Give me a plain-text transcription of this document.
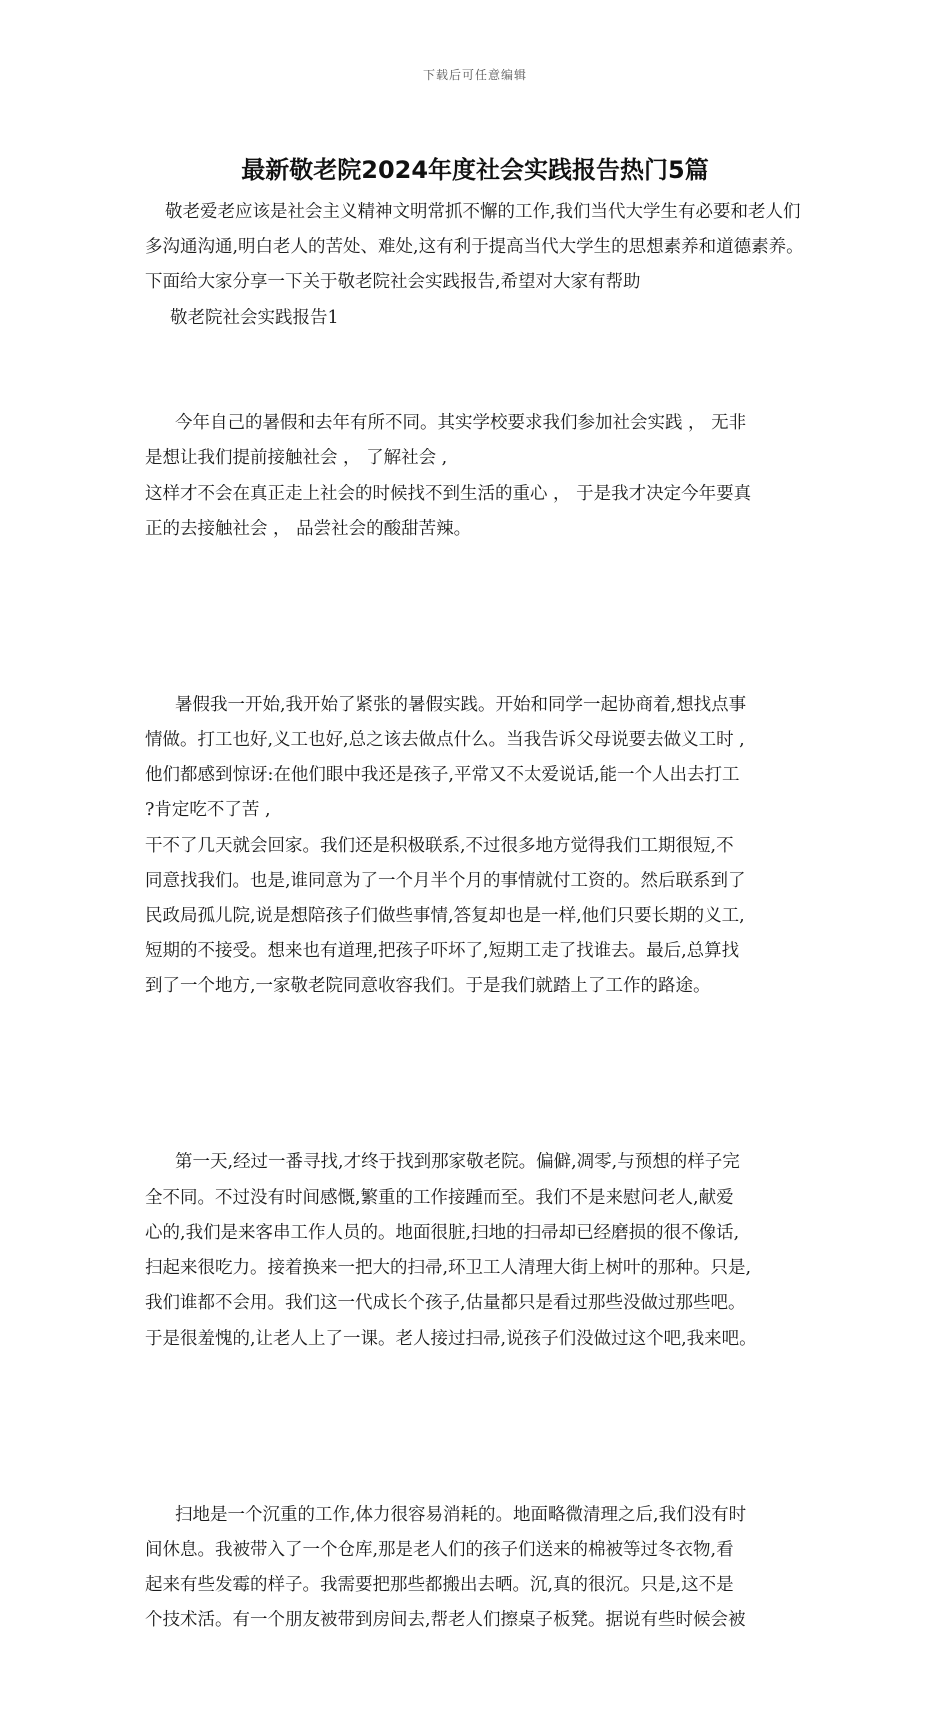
下载后可任意编辑
最新敬老院2024年度社会实践报告热门5篇

敬老爱老应该是社会主义精神文明常抓不懈的工作,我们当代大学生有必要和老人们多沟通沟通,明白老人的苦处、难处,这有利于提高当代大学生的思想素养和道德素养。下面给大家分享一下关于敬老院社会实践报告,希望对大家有帮助

敬老院社会实践报告1

今年自己的暑假和去年有所不同。其实学校要求我们参加社会实践 ， 无非
是想让我们提前接触社会 ， 了解社会 ,
这样才不会在真正走上社会的时候找不到生活的重心 ， 于是我才决定今年要真
正的去接触社会 ， 品尝社会的酸甜苦辣。

暑假我一开始,我开始了紧张的暑假实践。开始和同学一起协商着,想找点事
情做。打工也好,义工也好,总之该去做点什么。当我告诉父母说要去做义工时 ,
他们都感到惊讶:在他们眼中我还是孩子,平常又不太爱说话,能一个人出去打工
?肯定吃不了苦 ,
干不了几天就会回家。我们还是积极联系,不过很多地方觉得我们工期很短,不
同意找我们。也是,谁同意为了一个月半个月的事情就付工资的。然后联系到了
民政局孤儿院,说是想陪孩子们做些事情,答复却也是一样,他们只要长期的义工,
短期的不接受。想来也有道理,把孩子吓坏了,短期工走了找谁去。最后,总算找
到了一个地方,一家敬老院同意收容我们。于是我们就踏上了工作的路途。

第一天,经过一番寻找,才终于找到那家敬老院。偏僻,凋零,与预想的样子完
全不同。不过没有时间感慨,繁重的工作接踵而至。我们不是来慰问老人,献爱
心的,我们是来客串工作人员的。地面很脏,扫地的扫帚却已经磨损的很不像话,
扫起来很吃力。接着换来一把大的扫帚,环卫工人清理大街上树叶的那种。只是,
我们谁都不会用。我们这一代成长个孩子,估量都只是看过那些没做过那些吧。
于是很羞愧的,让老人上了一课。老人接过扫帚,说孩子们没做过这个吧,我来吧。

扫地是一个沉重的工作,体力很容易消耗的。地面略微清理之后,我们没有时
间休息。我被带入了一个仓库,那是老人们的孩子们送来的棉被等过冬衣物,看
起来有些发霉的样子。我需要把那些都搬出去晒。沉,真的很沉。只是,这不是
个技术活。有一个朋友被带到房间去,帮老人们擦桌子板凳。据说有些时候会被
